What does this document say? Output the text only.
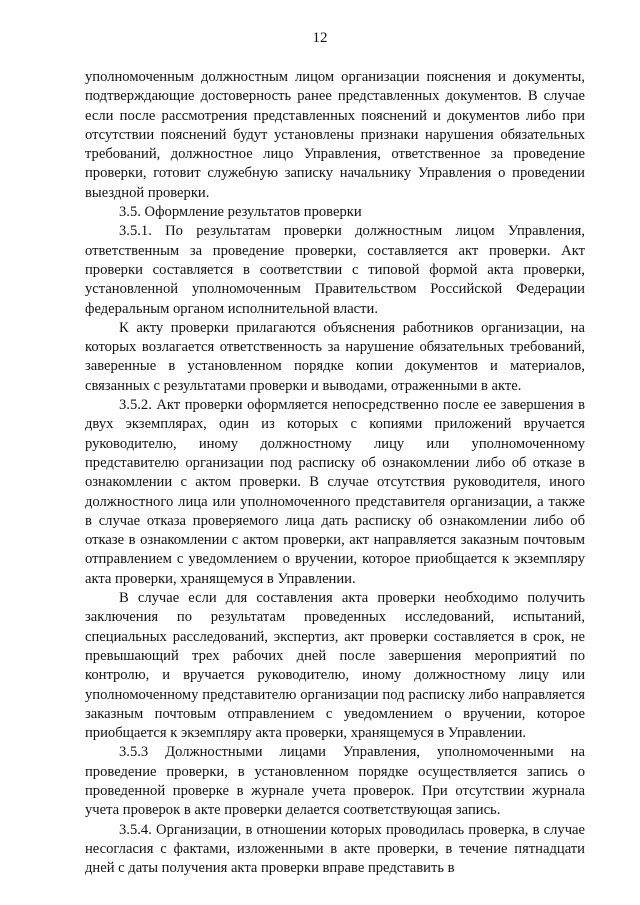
12

уполномоченным должностным лицом организации пояснения и документы, подтверждающие достоверность ранее представленных документов. В случае если после рассмотрения представленных пояснений и документов либо при отсутствии пояснений будут установлены признаки нарушения обязательных требований, должностное лицо Управления, ответственное за проведение проверки, готовит служебную записку начальнику Управления о проведении выездной проверки.

3.5. Оформление результатов проверки

3.5.1. По результатам проверки должностным лицом Управления, ответственным за проведение проверки, составляется акт проверки. Акт проверки составляется в соответствии с типовой формой акта проверки, установленной уполномоченным Правительством Российской Федерации федеральным органом исполнительной власти.

К акту проверки прилагаются объяснения работников организации, на которых возлагается ответственность за нарушение обязательных требований, заверенные в установленном порядке копии документов и материалов, связанных с результатами проверки и выводами, отраженными в акте.

3.5.2. Акт проверки оформляется непосредственно после ее завершения в двух экземплярах, один из которых с копиями приложений вручается руководителю, иному должностному лицу или уполномоченному представителю организации под расписку об ознакомлении либо об отказе в ознакомлении с актом проверки. В случае отсутствия руководителя, иного должностного лица или уполномоченного представителя организации, а также в случае отказа проверяемого лица дать расписку об ознакомлении либо об отказе в ознакомлении с актом проверки, акт направляется заказным почтовым отправлением с уведомлением о вручении, которое приобщается к экземпляру акта проверки, хранящемуся в Управлении.

В случае если для составления акта проверки необходимо получить заключения по результатам проведенных исследований, испытаний, специальных расследований, экспертиз, акт проверки составляется в срок, не превышающий трех рабочих дней после завершения мероприятий по контролю, и вручается руководителю, иному должностному лицу или уполномоченному представителю организации под расписку либо направляется заказным почтовым отправлением с уведомлением о вручении, которое приобщается к экземпляру акта проверки, хранящемуся в Управлении.

3.5.3 Должностными лицами Управления, уполномоченными на проведение проверки, в установленном порядке осуществляется запись о проведенной проверке в журнале учета проверок. При отсутствии журнала учета проверок в акте проверки делается соответствующая запись.

3.5.4. Организации, в отношении которых проводилась проверка, в случае несогласия с фактами, изложенными в акте проверки, в течение пятнадцати дней с даты получения акта проверки вправе представить в
